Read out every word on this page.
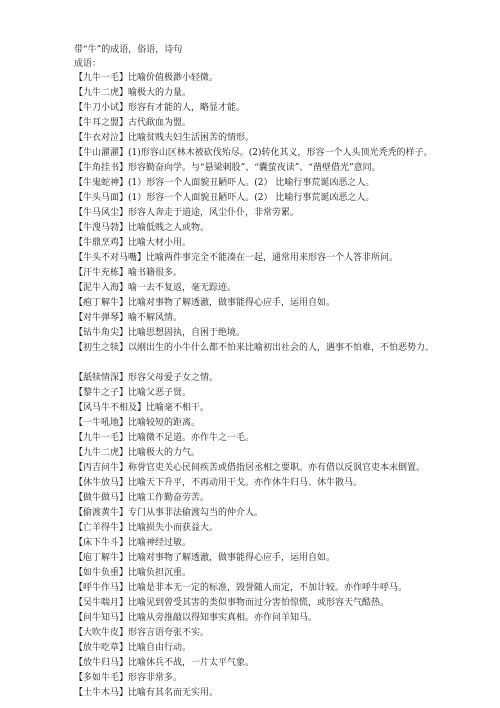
带“牛”的成语，俗语，诗句
成语：
【九牛一毛】比喻价值极渺小轻微。
【九牛二虎】喻极大的力量。
【牛刀小试】形容有才能的人，略显才能。
【牛耳之盟】古代歃血为盟。
【牛衣对泣】比喻贫贱夫妇生活困苦的情形。
【牛山濯濯】(1)形容山区林木被砍伐殆尽。(2)转化其义，形容一个人头顶光秃秃的样子。
【牛角挂书】形容勤奋向学。与“悬梁刺股”、“囊萤夜读”、“凿壁借光”意同。
【牛鬼蛇神】(1）形容一个人面貌丑陋吓人。(2） 比喻行事荒诞凶恶之人。
【牛头马面】(1）形容一个人面貌丑陋吓人。(2） 比喻行事荒诞凶恶之人。
【牛马风尘】形容人奔走于道途，风尘仆仆，非常劳累。
【牛溲马勃】比喻低贱之人或物。
【牛鼎烹鸡】比喻大材小用。
【牛头不对马嘴】比喻两件事完全不能凑在一起，通常用来形容一个人答非所问。
【汗牛充栋】喻书籍很多。
【泥牛入海】喻一去不复返，毫无踪迹。
【疱丁解牛】比喻对事物了解透澈，做事能得心应手，运用自如。
【对牛弹琴】喻不解风情。
【钻牛角尖】比喻思想固执，自困于绝境。
【初生之犊】以刚出生的小牛什么都不怕来比喻初出社会的人，遇事不怕难，不怕恶势力。
【舐犊情深】形容父母爱子女之情。
【黎牛之子】比喻父恶子贤。
【风马牛不相及】比喻毫不相干。
【一牛吼地】比喻较短的距离。
【九牛一毛】比喻微不足道。亦作牛之一毛。
【九牛二虎】比喻极大的力气。
【丙吉问牛】称誉官吏关心民间疾苦或借指居丞相之要职。亦有借以反讽官吏本末倒置。
【休牛放马】比喻天下升平，不再动用干戈。亦作休牛归马、休牛散马。
【做牛做马】比喻工作勤奋劳苦。
【偷渡黄牛】专门从事非法偷渡勾当的仲介人。
【亡羊得牛】比喻损失小而获益大。
【床下牛斗】比喻神经过敏。
【庖丁解牛】比喻对事物了解透澈，做事能得心应手，运用自如。
【如牛负重】比喻负担沉重。
【呼牛作马】比喻是非本无一定的标准，毁誉随人而定，不加计较。亦作呼牛呼马。
【吴牛喘月】比喻见到曾受其害的类似事物而过分害怕惊慌，或形容天气酷热。
【问牛知马】比喻从旁推敲以得知事实真相。亦作问羊知马。
【大吹牛皮】形容言语夸张不实。
【放牛吃草】比喻自由行动。
【放牛归马】比喻休兵不战，一片太平气象。
【多如牛毛】形容非常多。
【土牛木马】比喻有其名而无实用。
